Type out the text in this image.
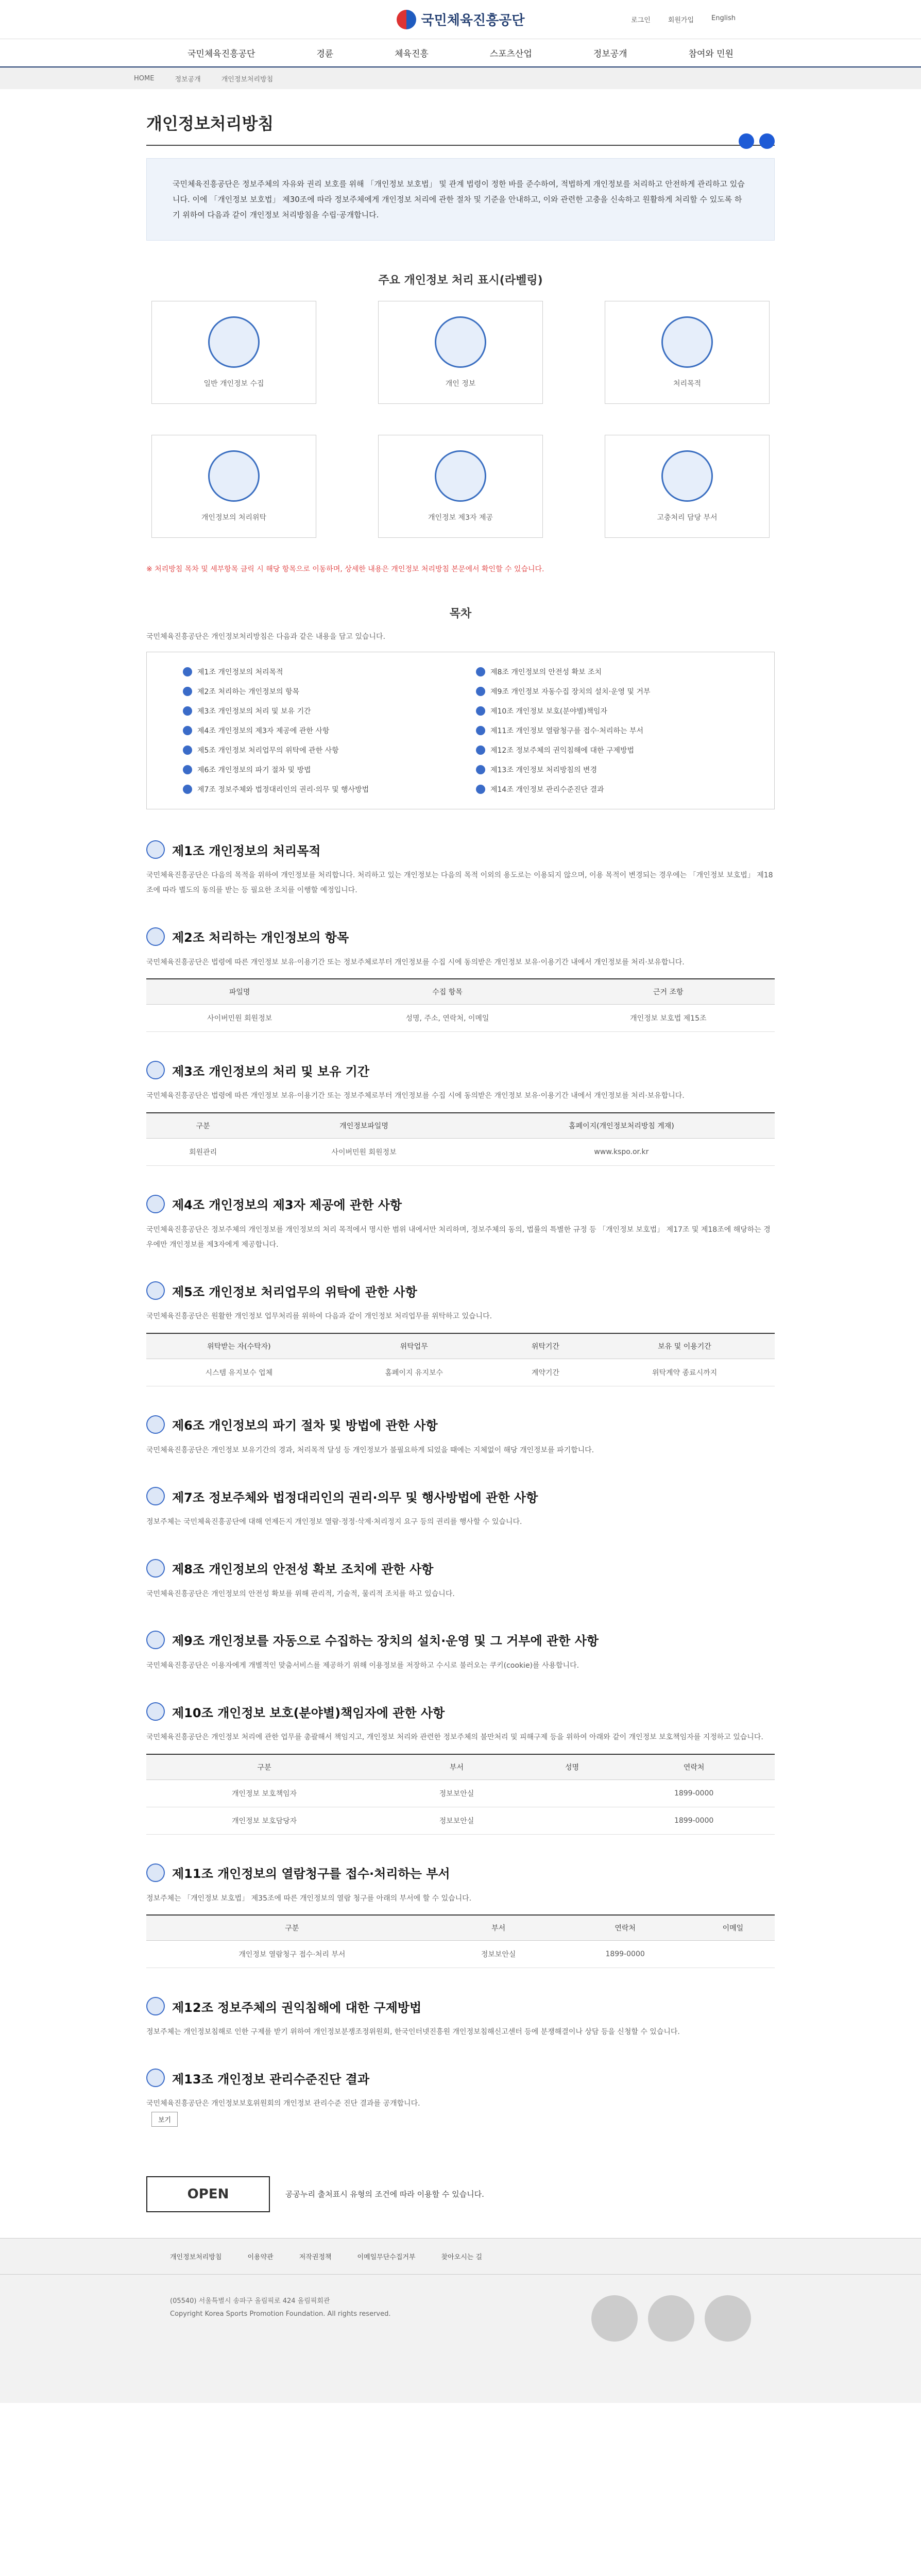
국민체육진흥공단	로그인	회원가입	English
국민체육진흥공단	경륜	체육진흥	스포츠산업	정보공개	참여와 민원
HOME	정보공개	개인정보처리방침
개인정보처리방침
국민체육진흥공단은 정보주체의 자유와 권리 보호를 위해 「개인정보 보호법」 및 관계 법령이 정한 바를 준수하여, 적법하게 개인정보를 처리하고 안전하게 관리하고 있습니다. 이에 「개인정보 보호법」 제30조에 따라 정보주체에게 개인정보 처리에 관한 절차 및 기준을 안내하고, 이와 관련한 고충을 신속하고 원활하게 처리할 수 있도록 하기 위하여 다음과 같이 개인정보 처리방침을 수립·공개합니다.
주요 개인정보 처리 표시(라벨링)
일반 개인정보 수집	개인 정보	처리목적
개인정보의 처리위탁	개인정보 제3자 제공	고충처리 담당 부서

※ 처리방침 목차 및 세부항목 클릭 시 해당 항목으로 이동하며, 상세한 내용은 개인정보 처리방침 본문에서 확인할 수 있습니다.

목차

국민체육진흥공단은 개인정보처리방침은 다음과 같은 내용을 담고 있습니다.

제1조 개인정보의 처리목적	제8조 개인정보의 안전성 확보 조치
제2조 처리하는 개인정보의 항목	제9조 개인정보 자동수집 장치의 설치·운영 및 거부
제3조 개인정보의 처리 및 보유 기간	제10조 개인정보 보호(분야별)책임자
제4조 개인정보의 제3자 제공에 관한 사항	제11조 개인정보 열람청구를 접수·처리하는 부서
제5조 개인정보 처리업무의 위탁에 관한 사항	제12조 정보주체의 권익침해에 대한 구제방법
제6조 개인정보의 파기 절차 및 방법	제13조 개인정보 처리방침의 변경
제7조 정보주체와 법정대리인의 권리·의무 및 행사방법	제14조 개인정보 관리수준진단 결과
제1조 개인정보의 처리목적

국민체육진흥공단은 다음의 목적을 위하여 개인정보를 처리합니다. 처리하고 있는 개인정보는 다음의 목적 이외의 용도로는 이용되지 않으며, 이용 목적이 변경되는 경우에는 「개인정보 보호법」 제18조에 따라 별도의 동의를 받는 등 필요한 조치를 이행할 예정입니다.

제2조 처리하는 개인정보의 항목

국민체육진흥공단은 법령에 따른 개인정보 보유·이용기간 또는 정보주체로부터 개인정보를 수집 시에 동의받은 개인정보 보유·이용기간 내에서 개인정보를 처리·보유합니다.

파일명	수집 항목	근거 조항
사이버민원 회원정보	성명, 주소, 연락처, 이메일	개인정보 보호법 제15조
제3조 개인정보의 처리 및 보유 기간

국민체육진흥공단은 법령에 따른 개인정보 보유·이용기간 또는 정보주체로부터 개인정보를 수집 시에 동의받은 개인정보 보유·이용기간 내에서 개인정보를 처리·보유합니다.

구분	개인정보파일명	홈페이지(개인정보처리방침 게재)
회원관리	사이버민원 회원정보	www.kspo.or.kr
제4조 개인정보의 제3자 제공에 관한 사항

국민체육진흥공단은 정보주체의 개인정보를 개인정보의 처리 목적에서 명시한 범위 내에서만 처리하며, 정보주체의 동의, 법률의 특별한 규정 등 「개인정보 보호법」 제17조 및 제18조에 해당하는 경우에만 개인정보를 제3자에게 제공합니다.

제5조 개인정보 처리업무의 위탁에 관한 사항

국민체육진흥공단은 원활한 개인정보 업무처리를 위하여 다음과 같이 개인정보 처리업무를 위탁하고 있습니다.

위탁받는 자(수탁자)	위탁업무	위탁기간	보유 및 이용기간
시스템 유지보수 업체	홈페이지 유지보수	계약기간	위탁계약 종료시까지
제6조 개인정보의 파기 절차 및 방법에 관한 사항

국민체육진흥공단은 개인정보 보유기간의 경과, 처리목적 달성 등 개인정보가 불필요하게 되었을 때에는 지체없이 해당 개인정보를 파기합니다.

제7조 정보주체와 법정대리인의 권리·의무 및 행사방법에 관한 사항

정보주체는 국민체육진흥공단에 대해 언제든지 개인정보 열람·정정·삭제·처리정지 요구 등의 권리를 행사할 수 있습니다.

제8조 개인정보의 안전성 확보 조치에 관한 사항

국민체육진흥공단은 개인정보의 안전성 확보를 위해 관리적, 기술적, 물리적 조치를 하고 있습니다.

제9조 개인정보를 자동으로 수집하는 장치의 설치·운영 및 그 거부에 관한 사항

국민체육진흥공단은 이용자에게 개별적인 맞춤서비스를 제공하기 위해 이용정보를 저장하고 수시로 불러오는 쿠키(cookie)를 사용합니다.

제10조 개인정보 보호(분야별)책임자에 관한 사항

국민체육진흥공단은 개인정보 처리에 관한 업무를 총괄해서 책임지고, 개인정보 처리와 관련한 정보주체의 불만처리 및 피해구제 등을 위하여 아래와 같이 개인정보 보호책임자를 지정하고 있습니다.

구분	부서	성명	연락처
개인정보 보호책임자	정보보안실		1899-0000
개인정보 보호담당자	정보보안실		1899-0000
제11조 개인정보의 열람청구를 접수·처리하는 부서

정보주체는 「개인정보 보호법」 제35조에 따른 개인정보의 열람 청구를 아래의 부서에 할 수 있습니다.

구분	부서	연락처	이메일
개인정보 열람청구 접수·처리 부서	정보보안실	1899-0000	
제12조 정보주체의 권익침해에 대한 구제방법

정보주체는 개인정보침해로 인한 구제를 받기 위하여 개인정보분쟁조정위원회, 한국인터넷진흥원 개인정보침해신고센터 등에 분쟁해결이나 상담 등을 신청할 수 있습니다.

제13조 개인정보 관리수준진단 결과

국민체육진흥공단은 개인정보보호위원회의 개인정보 관리수준 진단 결과를 공개합니다.

보기
OPEN	공공누리 출처표시 유형의 조건에 따라 이용할 수 있습니다.
개인정보처리방침	이용약관	저작권정책	이메일무단수집거부	찾아오시는 길

(05540) 서울특별시 송파구 올림픽로 424 올림픽회관

Copyright Korea Sports Promotion Foundation. All rights reserved.
